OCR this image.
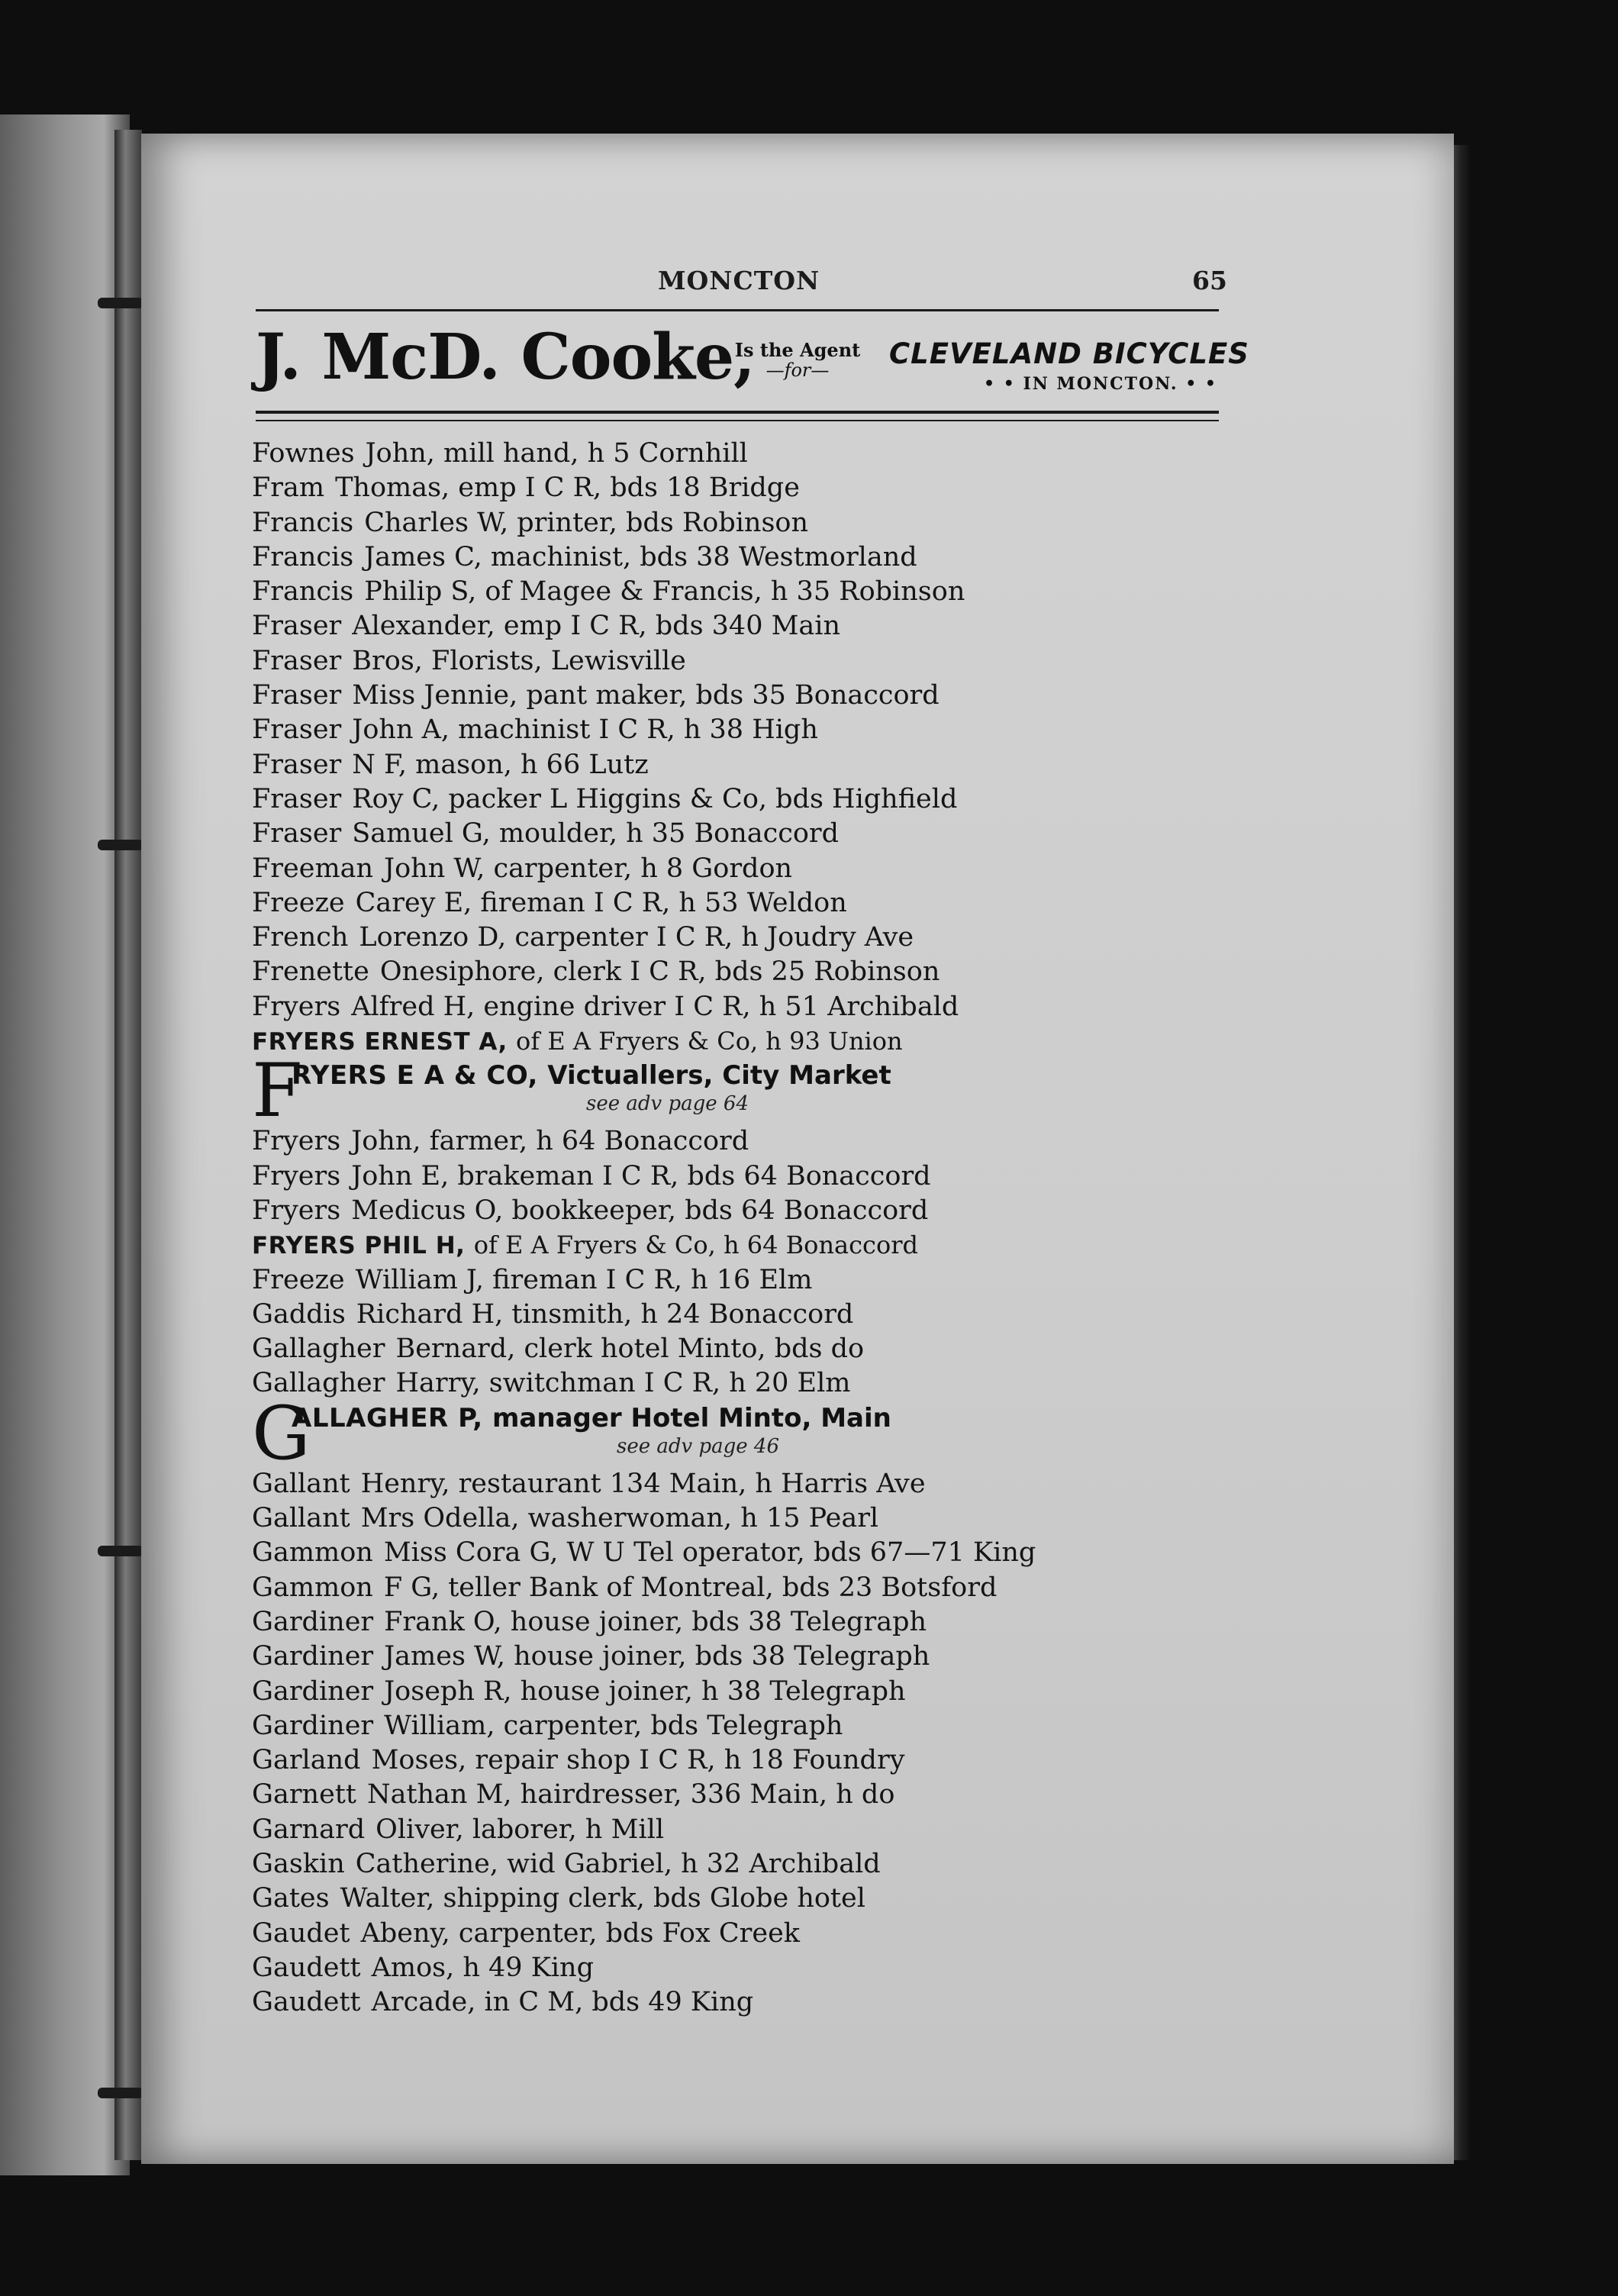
MONCTON	65
J. McD. Cooke,
Is the Agent
—for—	CLEVELAND BICYCLES
• • IN MONCTON. • •
Fownes John, mill hand, h 5 Cornhill
Fram Thomas, emp I C R, bds 18 Bridge
Francis Charles W, printer, bds Robinson
Francis James C, machinist, bds 38 Westmorland
Francis Philip S, of Magee & Francis, h 35 Robinson
Fraser Alexander, emp I C R, bds 340 Main
Fraser Bros, Florists, Lewisville
Fraser Miss Jennie, pant maker, bds 35 Bonaccord
Fraser John A, machinist I C R, h 38 High
Fraser N F, mason, h 66 Lutz
Fraser Roy C, packer L Higgins & Co, bds Highfield
Fraser Samuel G, moulder, h 35 Bonaccord
Freeman John W, carpenter, h 8 Gordon
Freeze Carey E, fireman I C R, h 53 Weldon
French Lorenzo D, carpenter I C R, h Joudry Ave
Frenette Onesiphore, clerk I C R, bds 25 Robinson
Fryers Alfred H, engine driver I C R, h 51 Archibald
FRYERS ERNEST A, of E A Fryers & Co, h 93 Union
F
RYERS E A & CO, Victuallers, City Market
see adv page 64
Fryers John, farmer, h 64 Bonaccord
Fryers John E, brakeman I C R, bds 64 Bonaccord
Fryers Medicus O, bookkeeper, bds 64 Bonaccord
FRYERS PHIL H, of E A Fryers & Co, h 64 Bonaccord
Freeze William J, fireman I C R, h 16 Elm
Gaddis Richard H, tinsmith, h 24 Bonaccord
Gallagher Bernard, clerk hotel Minto, bds do
Gallagher Harry, switchman I C R, h 20 Elm
G
ALLAGHER P, manager Hotel Minto, Main
see adv page 46
Gallant Henry, restaurant 134 Main, h Harris Ave
Gallant Mrs Odella, washerwoman, h 15 Pearl
Gammon Miss Cora G, W U Tel operator, bds 67—71 King
Gammon F G, teller Bank of Montreal, bds 23 Botsford
Gardiner Frank O, house joiner, bds 38 Telegraph
Gardiner James W, house joiner, bds 38 Telegraph
Gardiner Joseph R, house joiner, h 38 Telegraph
Gardiner William, carpenter, bds Telegraph
Garland Moses, repair shop I C R, h 18 Foundry
Garnett Nathan M, hairdresser, 336 Main, h do
Garnard Oliver, laborer, h Mill
Gaskin Catherine, wid Gabriel, h 32 Archibald
Gates Walter, shipping clerk, bds Globe hotel
Gaudet Abeny, carpenter, bds Fox Creek
Gaudett Amos, h 49 King
Gaudett Arcade, in C M, bds 49 King
